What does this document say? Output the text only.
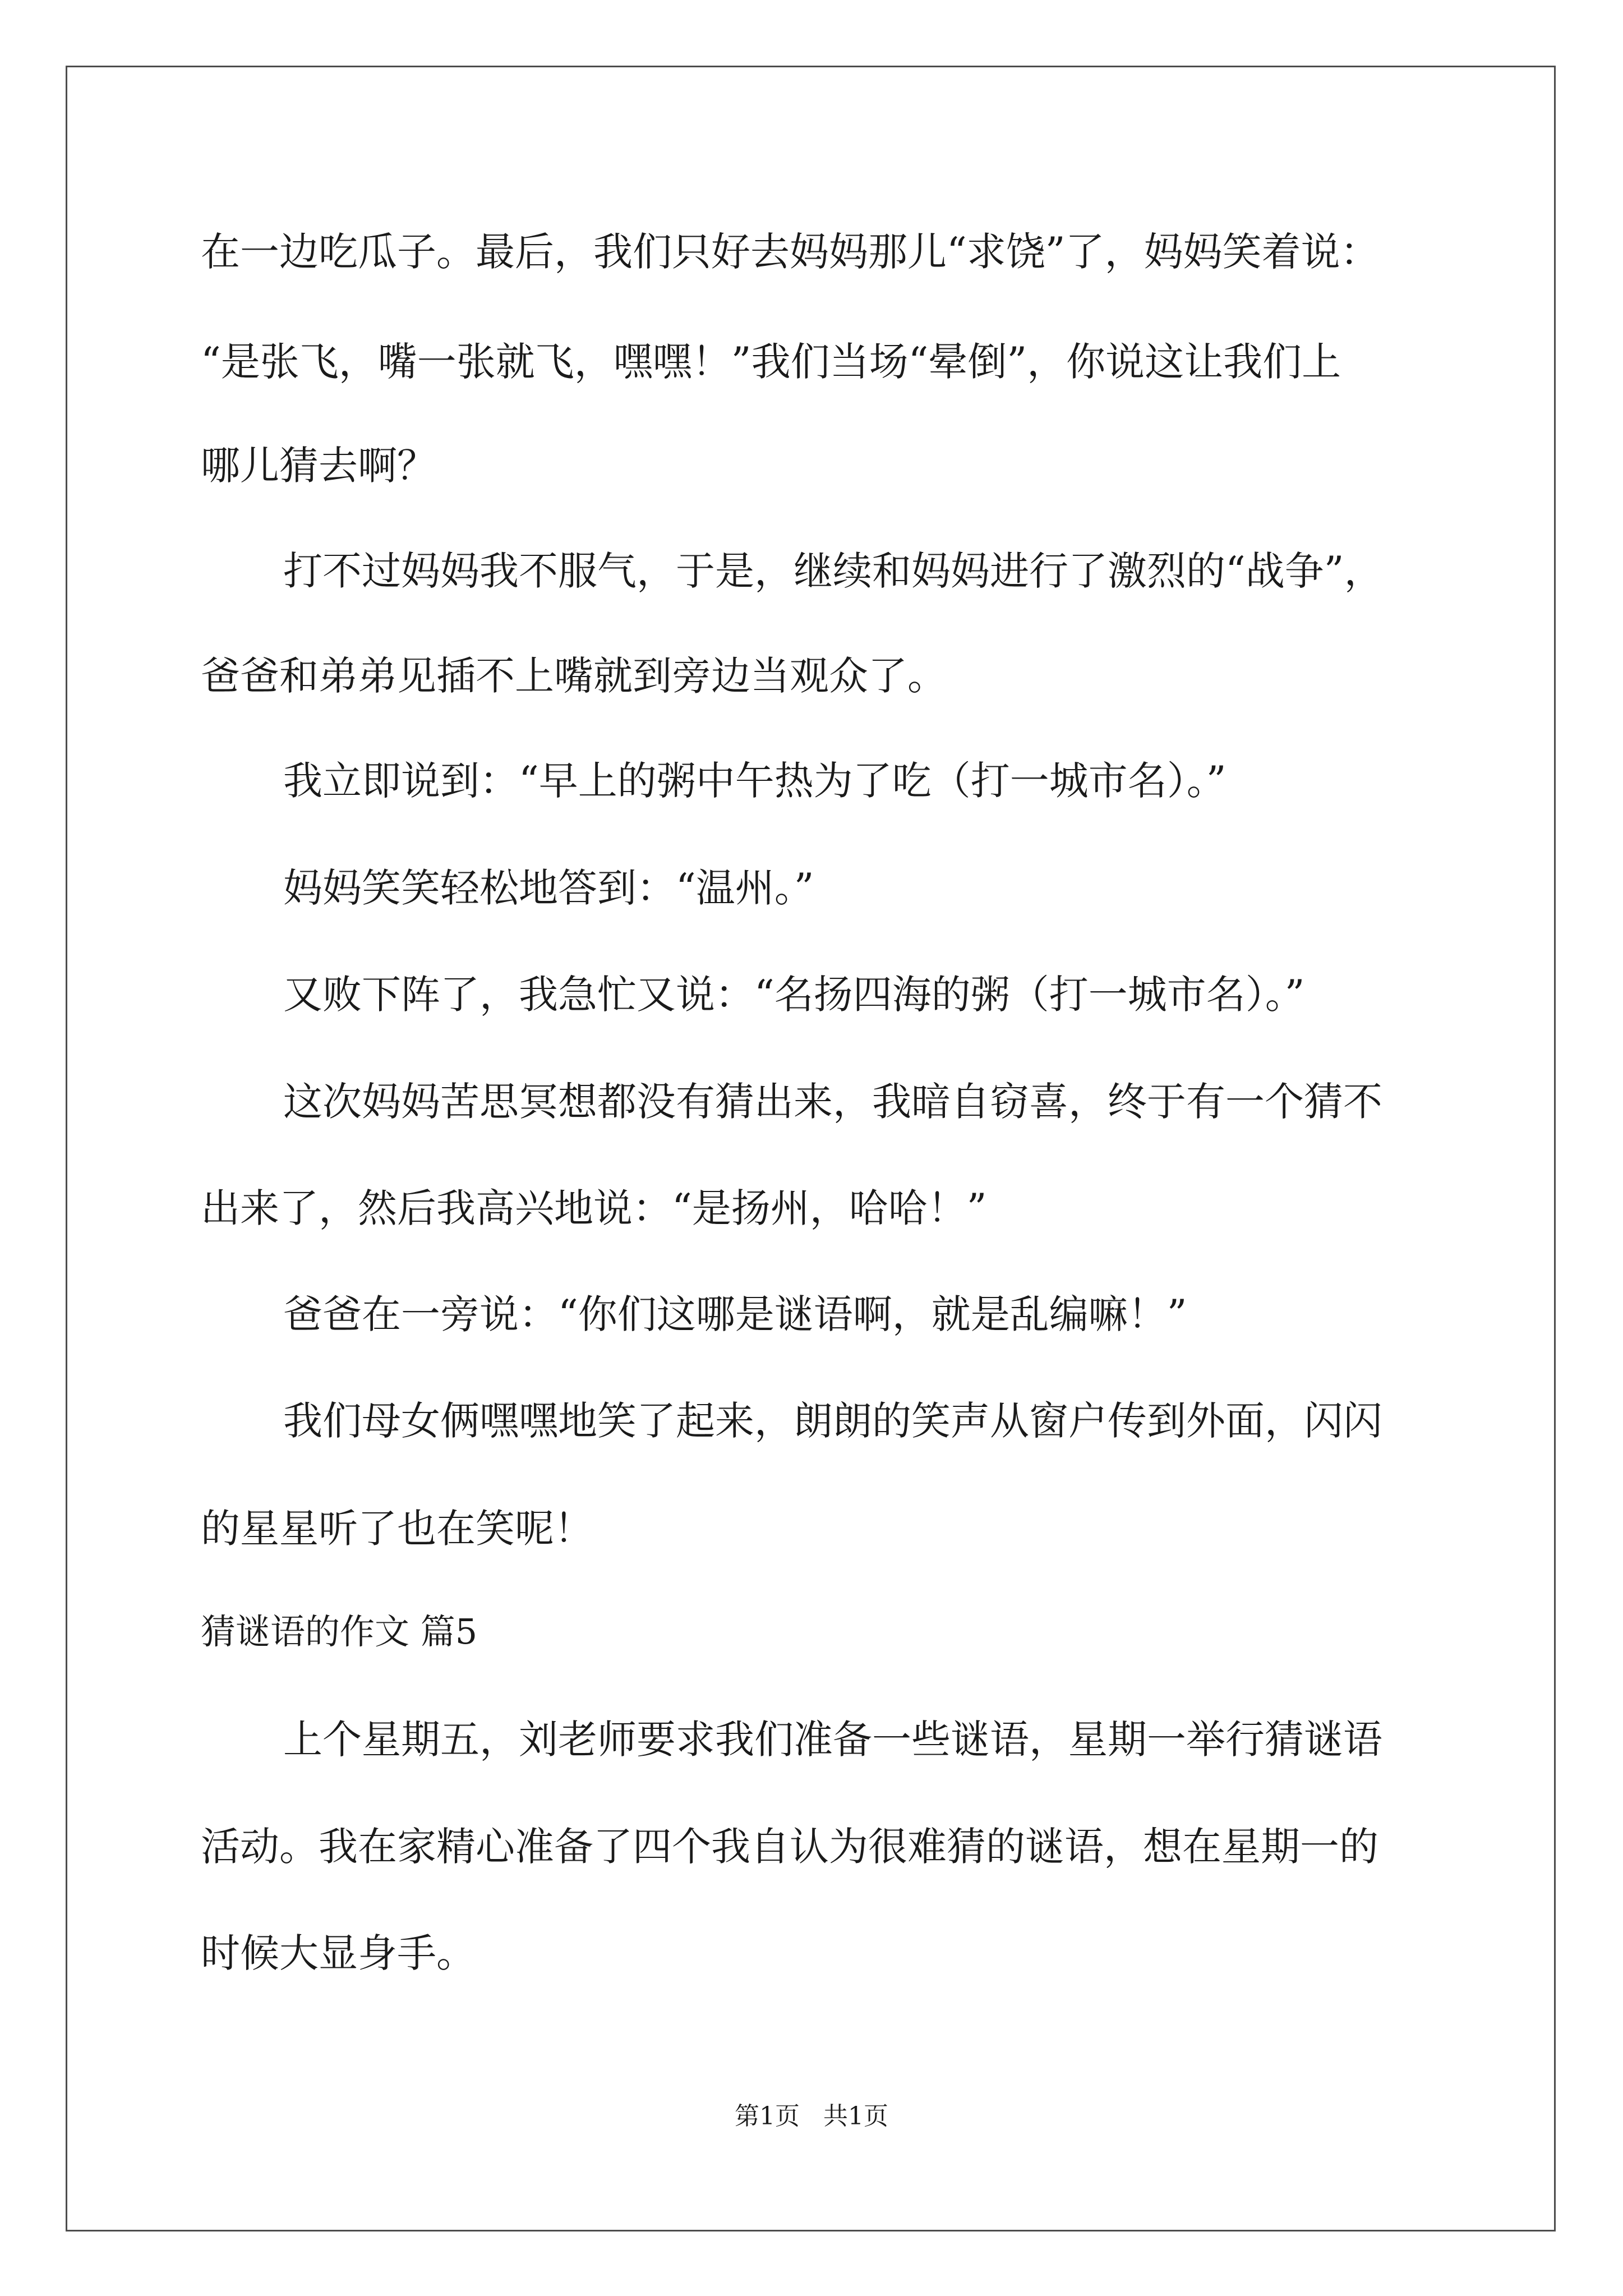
在一边吃瓜子。最后，我们只好去妈妈那儿“求饶”了，妈妈笑着说：

“是张飞，嘴一张就飞，嘿嘿！”我们当场“晕倒”，你说这让我们上

哪儿猜去啊？

打不过妈妈我不服气，于是，继续和妈妈进行了激烈的“战争”，

爸爸和弟弟见插不上嘴就到旁边当观众了。

我立即说到：“早上的粥中午热为了吃（打一城市名）。”

妈妈笑笑轻松地答到：“温州。”

又败下阵了，我急忙又说：“名扬四海的粥（打一城市名）。”

这次妈妈苦思冥想都没有猜出来，我暗自窃喜，终于有一个猜不

出来了，然后我高兴地说：“是扬州，哈哈！”

爸爸在一旁说：“你们这哪是谜语啊，就是乱编嘛！”

我们母女俩嘿嘿地笑了起来，朗朗的笑声从窗户传到外面，闪闪

的星星听了也在笑呢！

猜谜语的作文 篇5

上个星期五，刘老师要求我们准备一些谜语，星期一举行猜谜语

活动。我在家精心准备了四个我自认为很难猜的谜语，想在星期一的

时候大显身手。

第1页   共1页
